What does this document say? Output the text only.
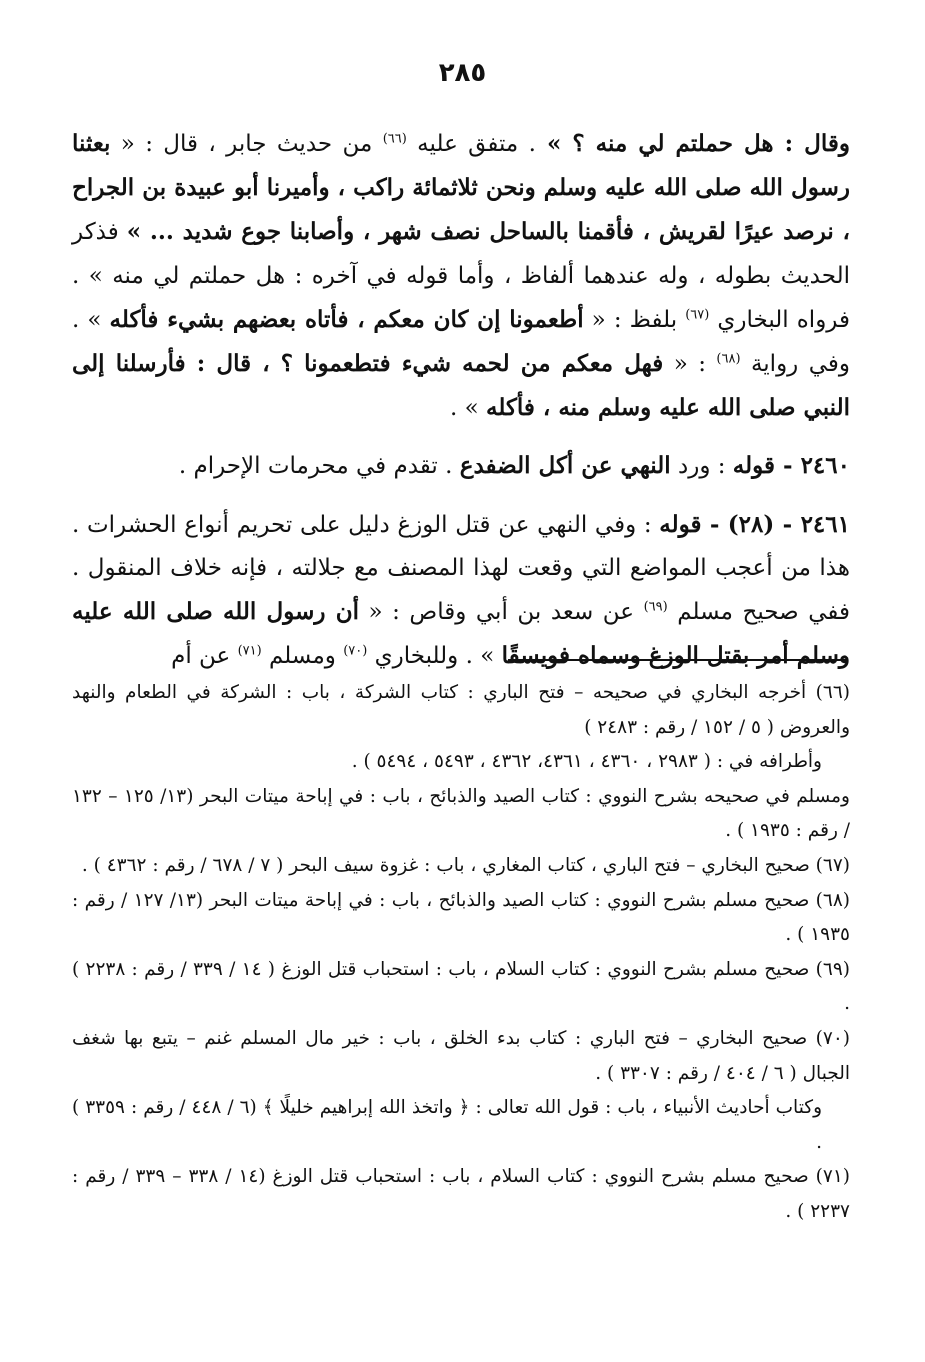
٢٨٥

وقال : هل حملتم لي منه ؟ » . متفق عليه $^{(٦٦)}$ من حديث جابر ، قال : « بعثنا رسول الله صلى الله عليه وسلم ونحن ثلاثمائة راكب ، وأميرنا أبو عبيدة بن الجراح ، نرصد عيرًا لقريش ، فأقمنا بالساحل نصف شهر ، وأصابنا جوع شديد ... » فذكر الحديث بطوله ، وله عندهما ألفاظ ، وأما قوله في آخره : هل حملتم لي منه » . فرواه البخاري $^{(٦٧)}$ بلفظ : « أطعمونا إن كان معكم ، فأتاه بعضهم بشيء فأكله » . وفي رواية $^{(٦٨)}$ : « فهل معكم من لحمه شيء فتطعمونا ؟ ، قال : فأرسلنا إلى النبي صلى الله عليه وسلم منه ، فأكله » .

٢٤٦٠ - قوله : ورد النهي عن أكل الضفدع . تقدم في محرمات الإحرام .

٢٤٦١ - (٢٨) - قوله : وفي النهي عن قتل الوزغ دليل على تحريم أنواع الحشرات . هذا من أعجب المواضع التي وقعت لهذا المصنف مع جلالته ، فإنه خلاف المنقول . ففي صحيح مسلم $^{(٦٩)}$ عن سعد بن أبي وقاص : « أن رسول الله صلى الله عليه وسلم أمر بقتل الوزغ وسماه فويسقًا » . وللبخاري $^{(٧٠)}$ ومسلم $^{(٧١)}$ عن أم

(٦٦) أخرجه البخاري في صحيحه – فتح الباري : كتاب الشركة ، باب : الشركة في الطعام والنهد والعروض ( ٥ / ١٥٢ / رقم : ٢٤٨٣ )

وأطرافه في : ( ٢٩٨٣ ، ٤٣٦٠ ، ٤٣٦١، ٤٣٦٢ ، ٥٤٩٣ ، ٥٤٩٤ ) .

ومسلم في صحيحه بشرح النووي : كتاب الصيد والذبائح ، باب : في إباحة ميتات البحر (١٣/ ١٢٥ – ١٣٢ / رقم : ١٩٣٥ ) .

(٦٧) صحيح البخاري – فتح الباري ، كتاب المغاري ، باب : غزوة سيف البحر ( ٧ / ٦٧٨ / رقم : ٤٣٦٢ ) .

(٦٨) صحيح مسلم بشرح النووي : كتاب الصيد والذبائح ، باب : في إباحة ميتات البحر (١٣/ ١٢٧ / رقم : ١٩٣٥ ) .

(٦٩) صحيح مسلم بشرح النووي : كتاب السلام ، باب : استحباب قتل الوزغ ( ١٤ / ٣٣٩ / رقم : ٢٢٣٨ ) .

(٧٠) صحيح البخاري – فتح الباري : كتاب بدء الخلق ، باب : خير مال المسلم غنم – يتبع بها شغف الجبال ( ٦ / ٤٠٤ / رقم : ٣٣٠٧ ) .

وكتاب أحاديث الأنبياء ، باب : قول الله تعالى : ﴿ واتخذ الله إبراهيم خليلًا ﴾ (٦ / ٤٤٨ / رقم : ٣٣٥٩ ) .

(٧١) صحيح مسلم بشرح النووي : كتاب السلام ، باب : استحباب قتل الوزغ (١٤ / ٣٣٨ – ٣٣٩ / رقم : ٢٢٣٧ ) .
